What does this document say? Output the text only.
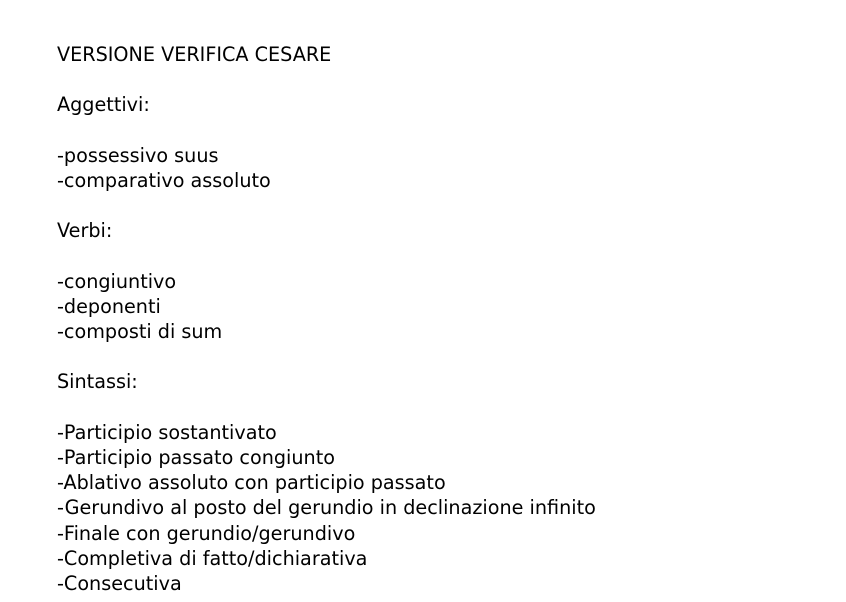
VERSIONE VERIFICA CESARE
Aggettivi:
-possessivo suus
-comparativo assoluto
Verbi:
-congiuntivo
-deponenti
-composti di sum
Sintassi:
-Participio sostantivato
-Participio passato congiunto
-Ablativo assoluto con participio passato
-Gerundivo al posto del gerundio in declinazione infinito
-Finale con gerundio/gerundivo
-Completiva di fatto/dichiarativa
-Consecutiva
